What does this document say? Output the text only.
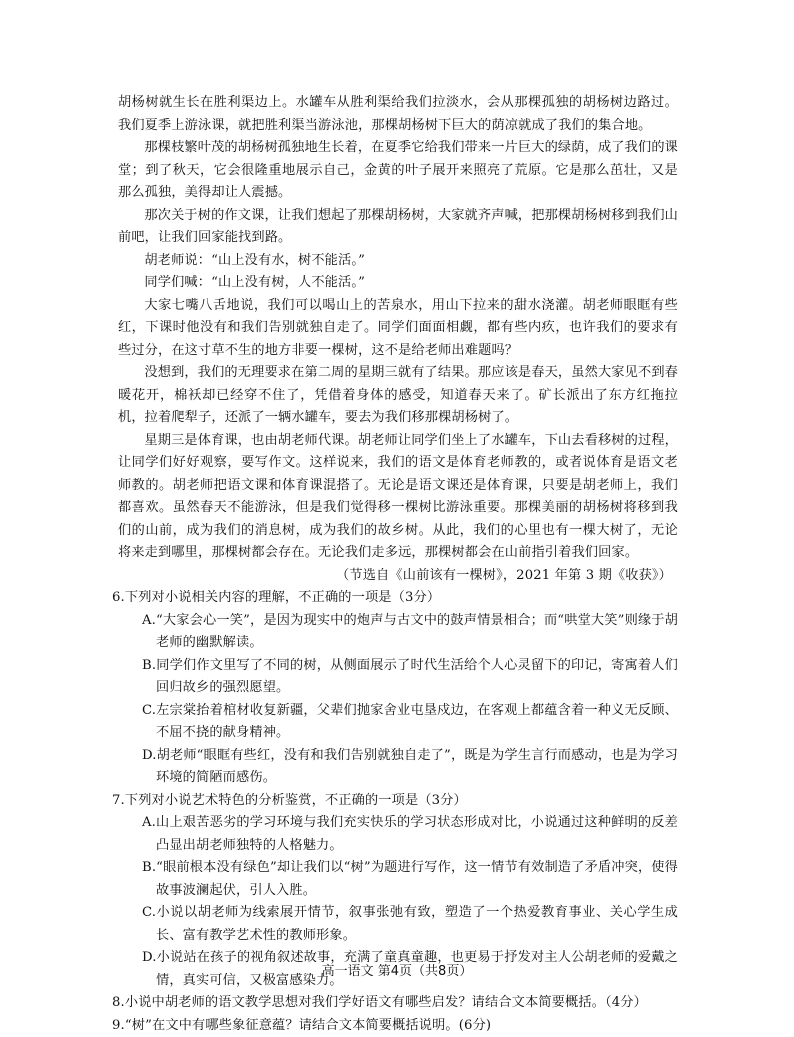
胡杨树就生长在胜利渠边上。水罐车从胜利渠给我们拉淡水，会从那棵孤独的胡杨树边路过。我们夏季上游泳课，就把胜利渠当游泳池，那棵胡杨树下巨大的荫凉就成了我们的集合地。

那棵枝繁叶茂的胡杨树孤独地生长着，在夏季它给我们带来一片巨大的绿荫，成了我们的课堂；到了秋天，它会很隆重地展示自己，金黄的叶子展开来照亮了荒原。它是那么茁壮，又是那么孤独，美得却让人震撼。

那次关于树的作文课，让我们想起了那棵胡杨树，大家就齐声喊，把那棵胡杨树移到我们山前吧，让我们回家能找到路。

胡老师说：“山上没有水，树不能活。”

同学们喊：“山上没有树，人不能活。”

大家七嘴八舌地说，我们可以喝山上的苦泉水，用山下拉来的甜水浇灌。胡老师眼眶有些红，下课时他没有和我们告别就独自走了。同学们面面相觑，都有些内疚，也许我们的要求有些过分，在这寸草不生的地方非要一棵树，这不是给老师出难题吗？

没想到，我们的无理要求在第二周的星期三就有了结果。那应该是春天，虽然大家见不到春暖花开，棉袄却已经穿不住了，凭借着身体的感受，知道春天来了。矿长派出了东方红拖拉机，拉着爬犁子，还派了一辆水罐车，要去为我们移那棵胡杨树了。

星期三是体育课，也由胡老师代课。胡老师让同学们坐上了水罐车，下山去看移树的过程，让同学们好好观察，要写作文。这样说来，我们的语文是体育老师教的，或者说体育是语文老师教的。胡老师把语文课和体育课混搭了。无论是语文课还是体育课，只要是胡老师上，我们都喜欢。虽然春天不能游泳，但是我们觉得移一棵树比游泳重要。那棵美丽的胡杨树将移到我们的山前，成为我们的消息树，成为我们的故乡树。从此，我们的心里也有一棵大树了，无论将来走到哪里，那棵树都会存在。无论我们走多远，那棵树都会在山前指引着我们回家。

（节选自《山前该有一棵树》，2021 年第 3 期《收获》）

6.下列对小说相关内容的理解，不正确的一项是（3分）

A.“大家会心一笑”，是因为现实中的炮声与古文中的鼓声情景相合；而“哄堂大笑”则缘于胡老师的幽默解读。

B.同学们作文里写了不同的树，从侧面展示了时代生活给个人心灵留下的印记，寄寓着人们回归故乡的强烈愿望。

C.左宗棠抬着棺材收复新疆，父辈们抛家舍业屯垦戍边，在客观上都蕴含着一种义无反顾、不屈不挠的献身精神。

D.胡老师“眼眶有些红，没有和我们告别就独自走了”，既是为学生言行而感动，也是为学习环境的简陋而感伤。

7.下列对小说艺术特色的分析鉴赏，不正确的一项是（3分）

A.山上艰苦恶劣的学习环境与我们充实快乐的学习状态形成对比，小说通过这种鲜明的反差凸显出胡老师独特的人格魅力。

B.“眼前根本没有绿色”却让我们以“树”为题进行写作，这一情节有效制造了矛盾冲突，使得故事波澜起伏，引人入胜。

C.小说以胡老师为线索展开情节，叙事张弛有致，塑造了一个热爱教育事业、关心学生成长、富有教学艺术性的教师形象。

D.小说站在孩子的视角叙述故事，充满了童真童趣，也更易于抒发对主人公胡老师的爱戴之情，真实可信，又极富感染力。

8.小说中胡老师的语文教学思想对我们学好语文有哪些启发？请结合文本简要概括。（4分）

9.“树”在文中有哪些象征意蕴？请结合文本简要概括说明。(6分)

高一语文 第4页（共8页）
